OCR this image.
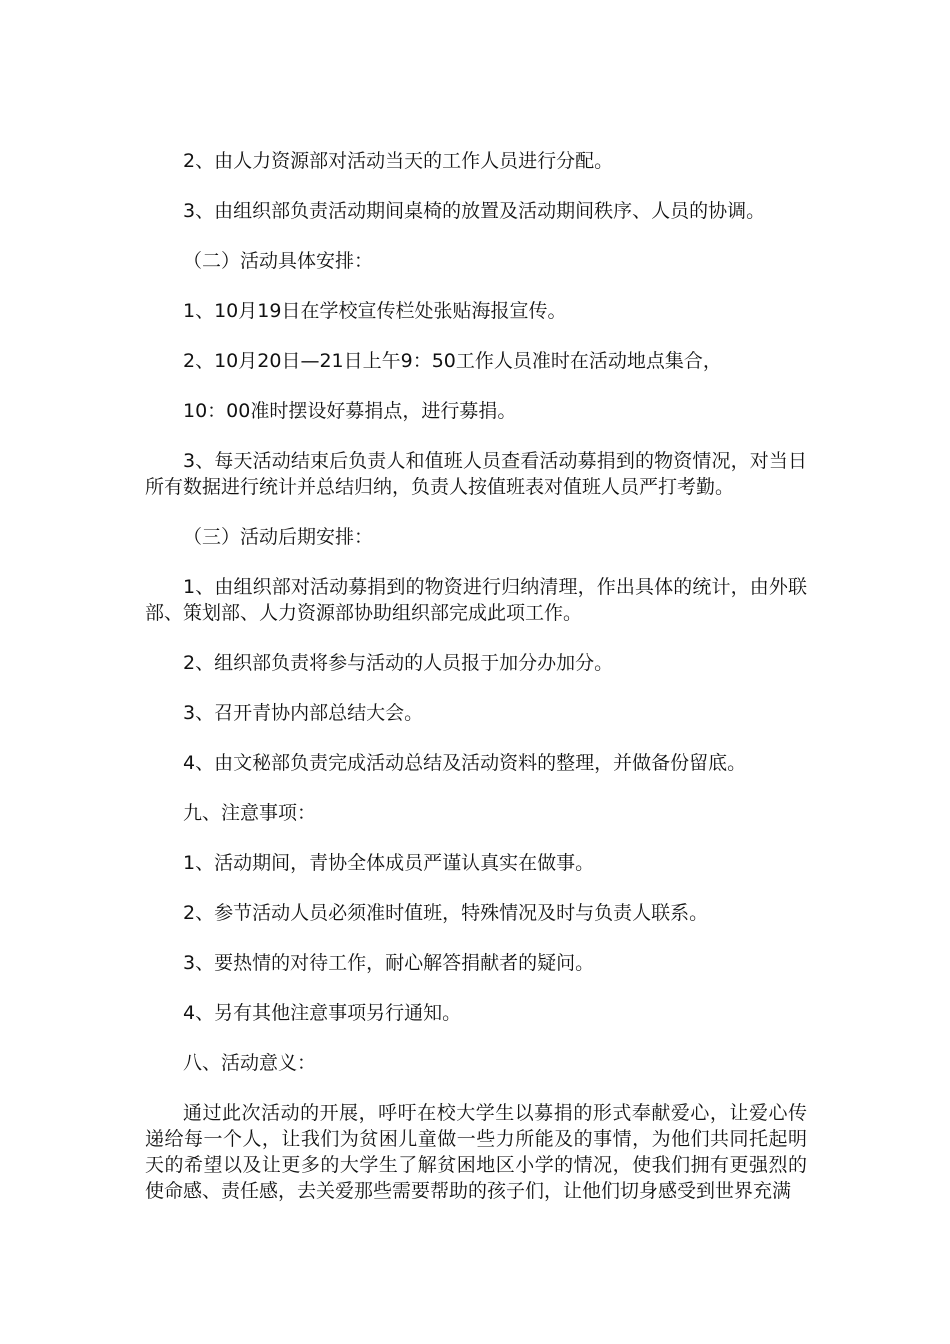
2、由人力资源部对活动当天的工作人员进行分配。

3、由组织部负责活动期间桌椅的放置及活动期间秩序、人员的协调。

（二）活动具体安排：

1、10月19日在学校宣传栏处张贴海报宣传。

2、10月20日—21日上午9：50工作人员准时在活动地点集合，

10：00准时摆设好募捐点，进行募捐。

3、每天活动结束后负责人和值班人员查看活动募捐到的物资情况，对当日所有数据进行统计并总结归纳，负责人按值班表对值班人员严打考勤。

（三）活动后期安排：

1、由组织部对活动募捐到的物资进行归纳清理，作出具体的统计，由外联部、策划部、人力资源部协助组织部完成此项工作。

2、组织部负责将参与活动的人员报于加分办加分。

3、召开青协内部总结大会。

4、由文秘部负责完成活动总结及活动资料的整理，并做备份留底。

九、注意事项：

1、活动期间，青协全体成员严谨认真实在做事。

2、参节活动人员必须准时值班，特殊情况及时与负责人联系。

3、要热情的对待工作，耐心解答捐献者的疑问。

4、另有其他注意事项另行通知。

八、活动意义：

通过此次活动的开展，呼吁在校大学生以募捐的形式奉献爱心，让爱心传递给每一个人，让我们为贫困儿童做一些力所能及的事情，为他们共同托起明天的希望以及让更多的大学生了解贫困地区小学的情况，使我们拥有更强烈的使命感、责任感，去关爱那些需要帮助的孩子们，让他们切身感受到世界充满
